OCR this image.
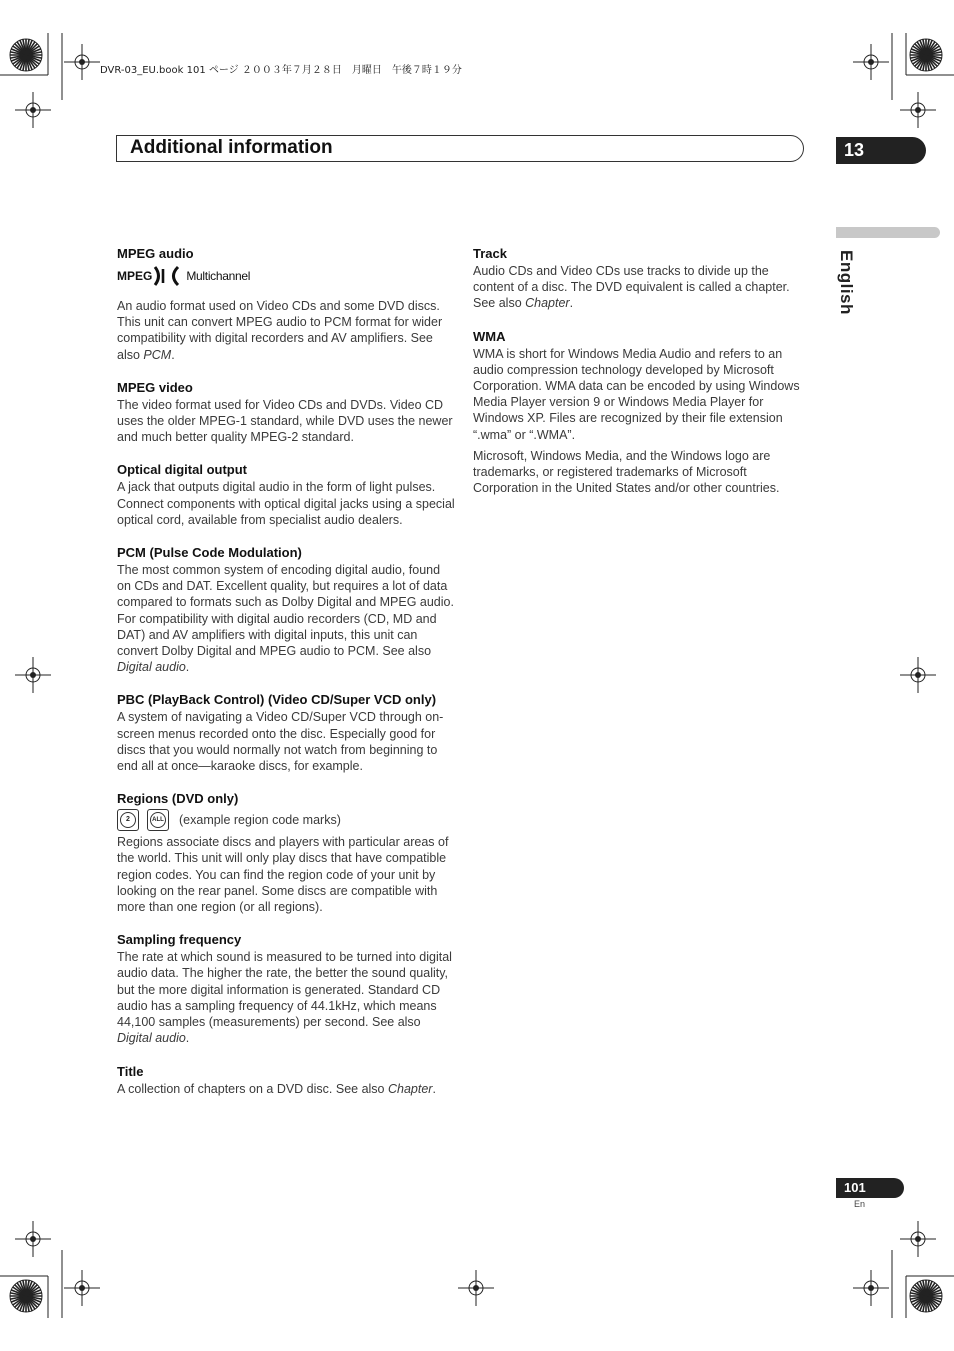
DVR-03_EU.book 101 ページ ２００３年７月２８日　月曜日　午後７時１９分
Additional information	13
English
MPEG audio
MPEG	Multichannel

An audio format used on Video CDs and some DVD discs. This unit can convert MPEG audio to PCM format for wider compatibility with digital recorders and AV amplifiers. See also PCM.

MPEG video

The video format used for Video CDs and DVDs. Video CD uses the older MPEG-1 standard, while DVD uses the newer and much better quality MPEG-2 standard.

Optical digital output

A jack that outputs digital audio in the form of light pulses. Connect components with optical digital jacks using a special optical cord, available from specialist audio dealers.

PCM (Pulse Code Modulation)

The most common system of encoding digital audio, found on CDs and DAT. Excellent quality, but requires a lot of data compared to formats such as Dolby Digital and MPEG audio. For compatibility with digital audio recorders (CD, MD and DAT) and AV amplifiers with digital inputs, this unit can convert Dolby Digital and MPEG audio to PCM. See also Digital audio.

PBC (PlayBack Control) (Video CD/Super VCD only)

A system of navigating a Video CD/Super VCD through on-screen menus recorded onto the disc. Especially good for discs that you would normally not watch from beginning to end all at once—karaoke discs, for example.

Regions (DVD only)
2	ALL (example region code marks)

Regions associate discs and players with particular areas of the world. This unit will only play discs that have compatible region codes. You can find the region code of your unit by looking on the rear panel. Some discs are compatible with more than one region (or all regions).

Sampling frequency

The rate at which sound is measured to be turned into digital audio data. The higher the rate, the better the sound quality, but the more digital information is generated. Standard CD audio has a sampling frequency of 44.1kHz, which means 44,100 samples (measurements) per second. See also Digital audio.

Title

A collection of chapters on a DVD disc. See also Chapter.

Track

Audio CDs and Video CDs use tracks to divide up the content of a disc. The DVD equivalent is called a chapter. See also Chapter.

WMA

WMA is short for Windows Media Audio and refers to an audio compression technology developed by Microsoft Corporation. WMA data can be encoded by using Windows Media Player version 9 or Windows Media Player for Windows XP. Files are recognized by their file extension “.wma” or “.WMA”.

Microsoft, Windows Media, and the Windows logo are trademarks, or registered trademarks of Microsoft Corporation in the United States and/or other countries.

101
En
